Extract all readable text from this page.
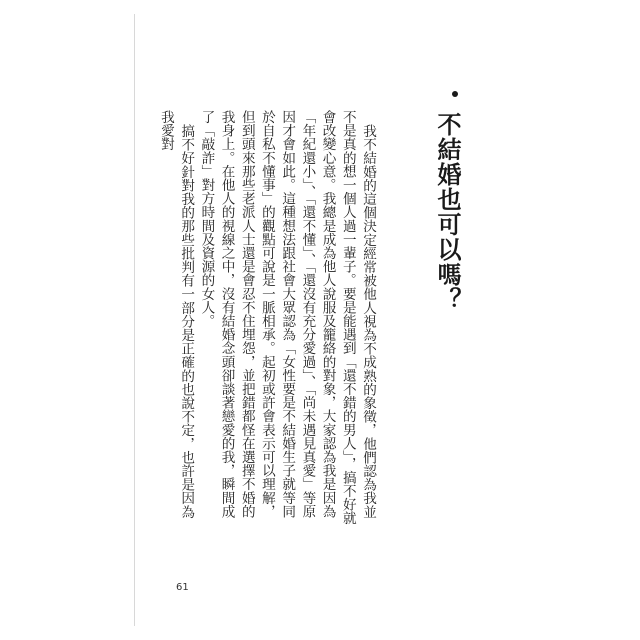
不結婚也可以嗎？

我不結婚的這個決定經常被他人視為不成熟的象徵，他們認為我並不是真的想一個人過一輩子。要是能遇到「還不錯的男人」，搞不好就會改變心意。我總是成為他人說服及籠絡的對象，大家認為我是因為「年紀還小」、「還不懂」、「還沒有充分愛過」、「尚未遇見真愛」等原因才會如此。這種想法跟社會大眾認為「女性要是不結婚生子就等同於自私不懂事」的觀點可說是一脈相承。起初或許會表示可以理解，但到頭來那些老派人士還是會忍不住埋怨，並把錯都怪在選擇不婚的我身上。在他人的視線之中，沒有結婚念頭卻談著戀愛的我，瞬間成了「敲詐」對方時間及資源的女人。

搞不好針對我的那些批判有一部分是正確的也說不定，也許是因為我愛對

61
